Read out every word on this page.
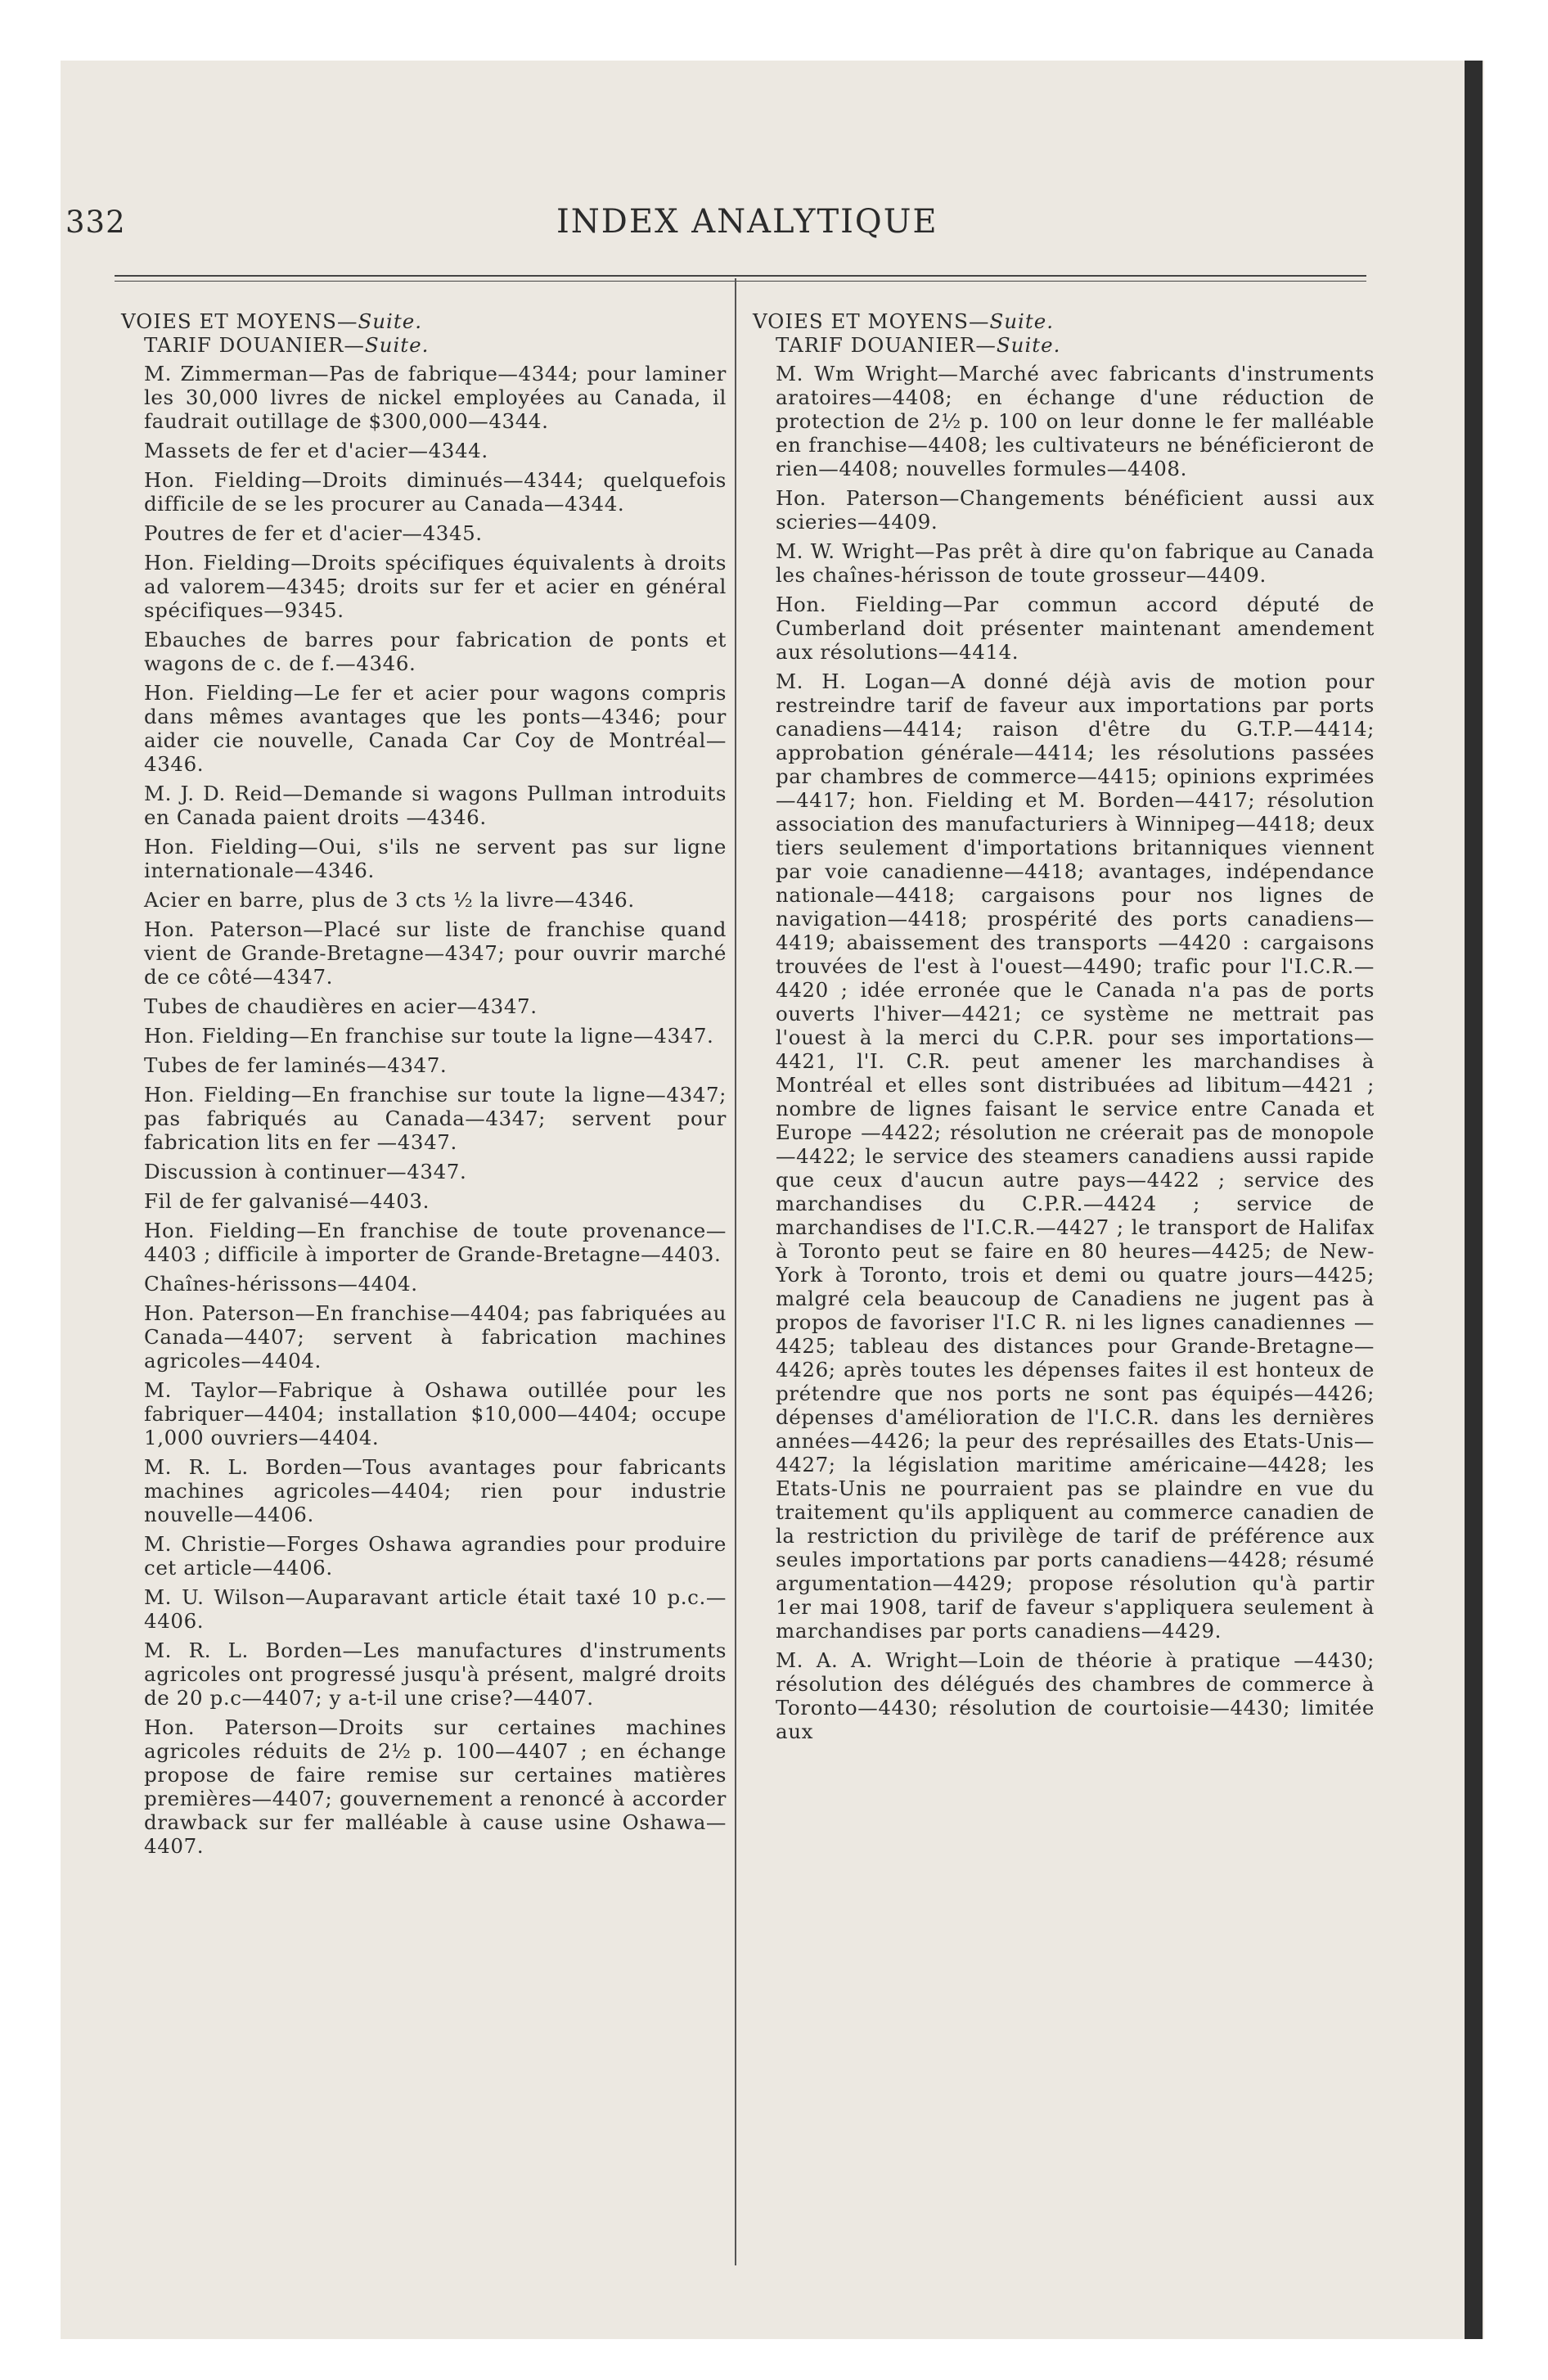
332	INDEX ANALYTIQUE

VOIES ET MOYENS—Suite.

TARIF DOUANIER—Suite.

M. Zimmerman—Pas de fabrique—4344; pour laminer les 30,000 livres de nickel employées au Canada, il faudrait outillage de $300,000—4344.

Massets de fer et d'acier—4344.

Hon. Fielding—Droits diminués—4344; quelquefois difficile de se les procurer au Canada—4344.

Poutres de fer et d'acier—4345.

Hon. Fielding—Droits spécifiques équivalents à droits ad valorem—4345; droits sur fer et acier en général spécifiques—9345.

Ebauches de barres pour fabrication de ponts et wagons de c. de f.—4346.

Hon. Fielding—Le fer et acier pour wagons compris dans mêmes avantages que les ponts—4346; pour aider cie nouvelle, Canada Car Coy de Montréal—4346.

M. J. D. Reid—Demande si wagons Pullman introduits en Canada paient droits —4346.

Hon. Fielding—Oui, s'ils ne servent pas sur ligne internationale—4346.

Acier en barre, plus de 3 cts ½ la livre—4346.

Hon. Paterson—Placé sur liste de franchise quand vient de Grande-Bretagne—4347; pour ouvrir marché de ce côté—4347.

Tubes de chaudières en acier—4347.

Hon. Fielding—En franchise sur toute la ligne—4347.

Tubes de fer laminés—4347.

Hon. Fielding—En franchise sur toute la ligne—4347; pas fabriqués au Canada—4347; servent pour fabrication lits en fer —4347.

Discussion à continuer—4347.

Fil de fer galvanisé—4403.

Hon. Fielding—En franchise de toute provenance—4403 ; difficile à importer de Grande-Bretagne—4403.

Chaînes-hérissons—4404.

Hon. Paterson—En franchise—4404; pas fabriquées au Canada—4407; servent à fabrication machines agricoles—4404.

M. Taylor—Fabrique à Oshawa outillée pour les fabriquer—4404; installation $10,000—4404; occupe 1,000 ouvriers—4404.

M. R. L. Borden—Tous avantages pour fabricants machines agricoles—4404; rien pour industrie nouvelle—4406.

M. Christie—Forges Oshawa agrandies pour produire cet article—4406.

M. U. Wilson—Auparavant article était taxé 10 p.c.—4406.

M. R. L. Borden—Les manufactures d'instruments agricoles ont progressé jusqu'à présent, malgré droits de 20 p.c—4407; y a-t-il une crise?—4407.

Hon. Paterson—Droits sur certaines machines agricoles réduits de 2½ p. 100—4407 ; en échange propose de faire remise sur certaines matières premières—4407; gouvernement a renoncé à accorder drawback sur fer malléable à cause usine Oshawa—4407.

VOIES ET MOYENS—Suite.

TARIF DOUANIER—Suite.

M. Wm Wright—Marché avec fabricants d'instruments aratoires—4408; en échange d'une réduction de protection de 2½ p. 100 on leur donne le fer malléable en franchise—4408; les cultivateurs ne bénéficieront de rien—4408; nouvelles formules—4408.

Hon. Paterson—Changements bénéficient aussi aux scieries—4409.

M. W. Wright—Pas prêt à dire qu'on fabrique au Canada les chaînes-hérisson de toute grosseur—4409.

Hon. Fielding—Par commun accord député de Cumberland doit présenter maintenant amendement aux résolutions—4414.

M. H. Logan—A donné déjà avis de motion pour restreindre tarif de faveur aux importations par ports canadiens—4414; raison d'être du G.T.P.—4414; approbation générale—4414; les résolutions passées par chambres de commerce—4415; opinions exprimées—4417; hon. Fielding et M. Borden—4417; résolution association des manufacturiers à Winnipeg—4418; deux tiers seulement d'importations britanniques viennent par voie canadienne—4418; avantages, indépendance nationale—4418; cargaisons pour nos lignes de navigation—4418; prospérité des ports canadiens—4419; abaissement des transports —4420 : cargaisons trouvées de l'est à l'ouest—4490; trafic pour l'I.C.R.—4420 ; idée erronée que le Canada n'a pas de ports ouverts l'hiver—4421; ce système ne mettrait pas l'ouest à la merci du C.P.R. pour ses importations—4421, l'I. C.R. peut amener les marchandises à Montréal et elles sont distribuées ad libitum—4421 ; nombre de lignes faisant le service entre Canada et Europe —4422; résolution ne créerait pas de monopole—4422; le service des steamers canadiens aussi rapide que ceux d'aucun autre pays—4422 ; service des marchandises du C.P.R.—4424 ; service de marchandises de l'I.C.R.—4427 ; le transport de Halifax à Toronto peut se faire en 80 heures—4425; de New-York à Toronto, trois et demi ou quatre jours—4425; malgré cela beaucoup de Canadiens ne jugent pas à propos de favoriser l'I.C R. ni les lignes canadiennes —4425; tableau des distances pour Grande-Bretagne—4426; après toutes les dépenses faites il est honteux de prétendre que nos ports ne sont pas équipés—4426; dépenses d'amélioration de l'I.C.R. dans les dernières années—4426; la peur des représailles des Etats-Unis—4427; la législation maritime américaine—4428; les Etats-Unis ne pourraient pas se plaindre en vue du traitement qu'ils appliquent au commerce canadien de la restriction du privilège de tarif de préférence aux seules importations par ports canadiens—4428; résumé argumentation—4429; propose résolution qu'à partir 1er mai 1908, tarif de faveur s'appliquera seulement à marchandises par ports canadiens—4429.

M. A. A. Wright—Loin de théorie à pratique —4430; résolution des délégués des chambres de commerce à Toronto—4430; résolution de courtoisie—4430; limitée aux
